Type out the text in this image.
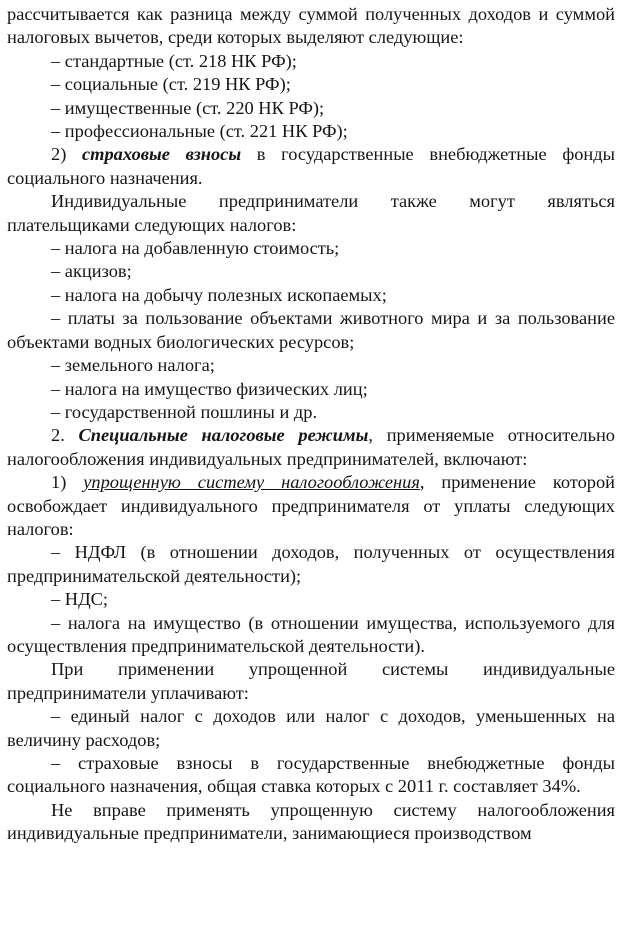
рассчитывается как разница между суммой полученных доходов и суммой налоговых вычетов, среди которых выделяют следующие:

– стандартные (ст. 218 НК РФ);

– социальные (ст. 219 НК РФ);

– имущественные (ст. 220 НК РФ);

– профессиональные (ст. 221 НК РФ);

2) страховые взносы в государственные внебюджетные фонды социального назначения.

Индивидуальные предприниматели также могут являться плательщиками следующих налогов:

– налога на добавленную стоимость;

– акцизов;

– налога на добычу полезных ископаемых;

– платы за пользование объектами животного мира и за пользование объектами водных биологических ресурсов;

– земельного налога;

– налога на имущество физических лиц;

– государственной пошлины и др.

2. Специальные налоговые режимы, применяемые относительно налогообложения индивидуальных предпринимателей, включают:

1) упрощенную систему налогообложения, применение которой освобождает индивидуального предпринимателя от уплаты следующих налогов:

– НДФЛ (в отношении доходов, полученных от осуществления предпринимательской деятельности);

– НДС;

– налога на имущество (в отношении имущества, используемого для осуществления предпринимательской деятельности).

При применении упрощенной системы индивидуальные предприниматели уплачивают:

– единый налог с доходов или налог с доходов, уменьшенных на величину расходов;

– страховые взносы в государственные внебюджетные фонды социального назначения, общая ставка которых с 2011 г. составляет 34%.

Не вправе применять упрощенную систему налогообложения индивидуальные предприниматели, занимающиеся производством
